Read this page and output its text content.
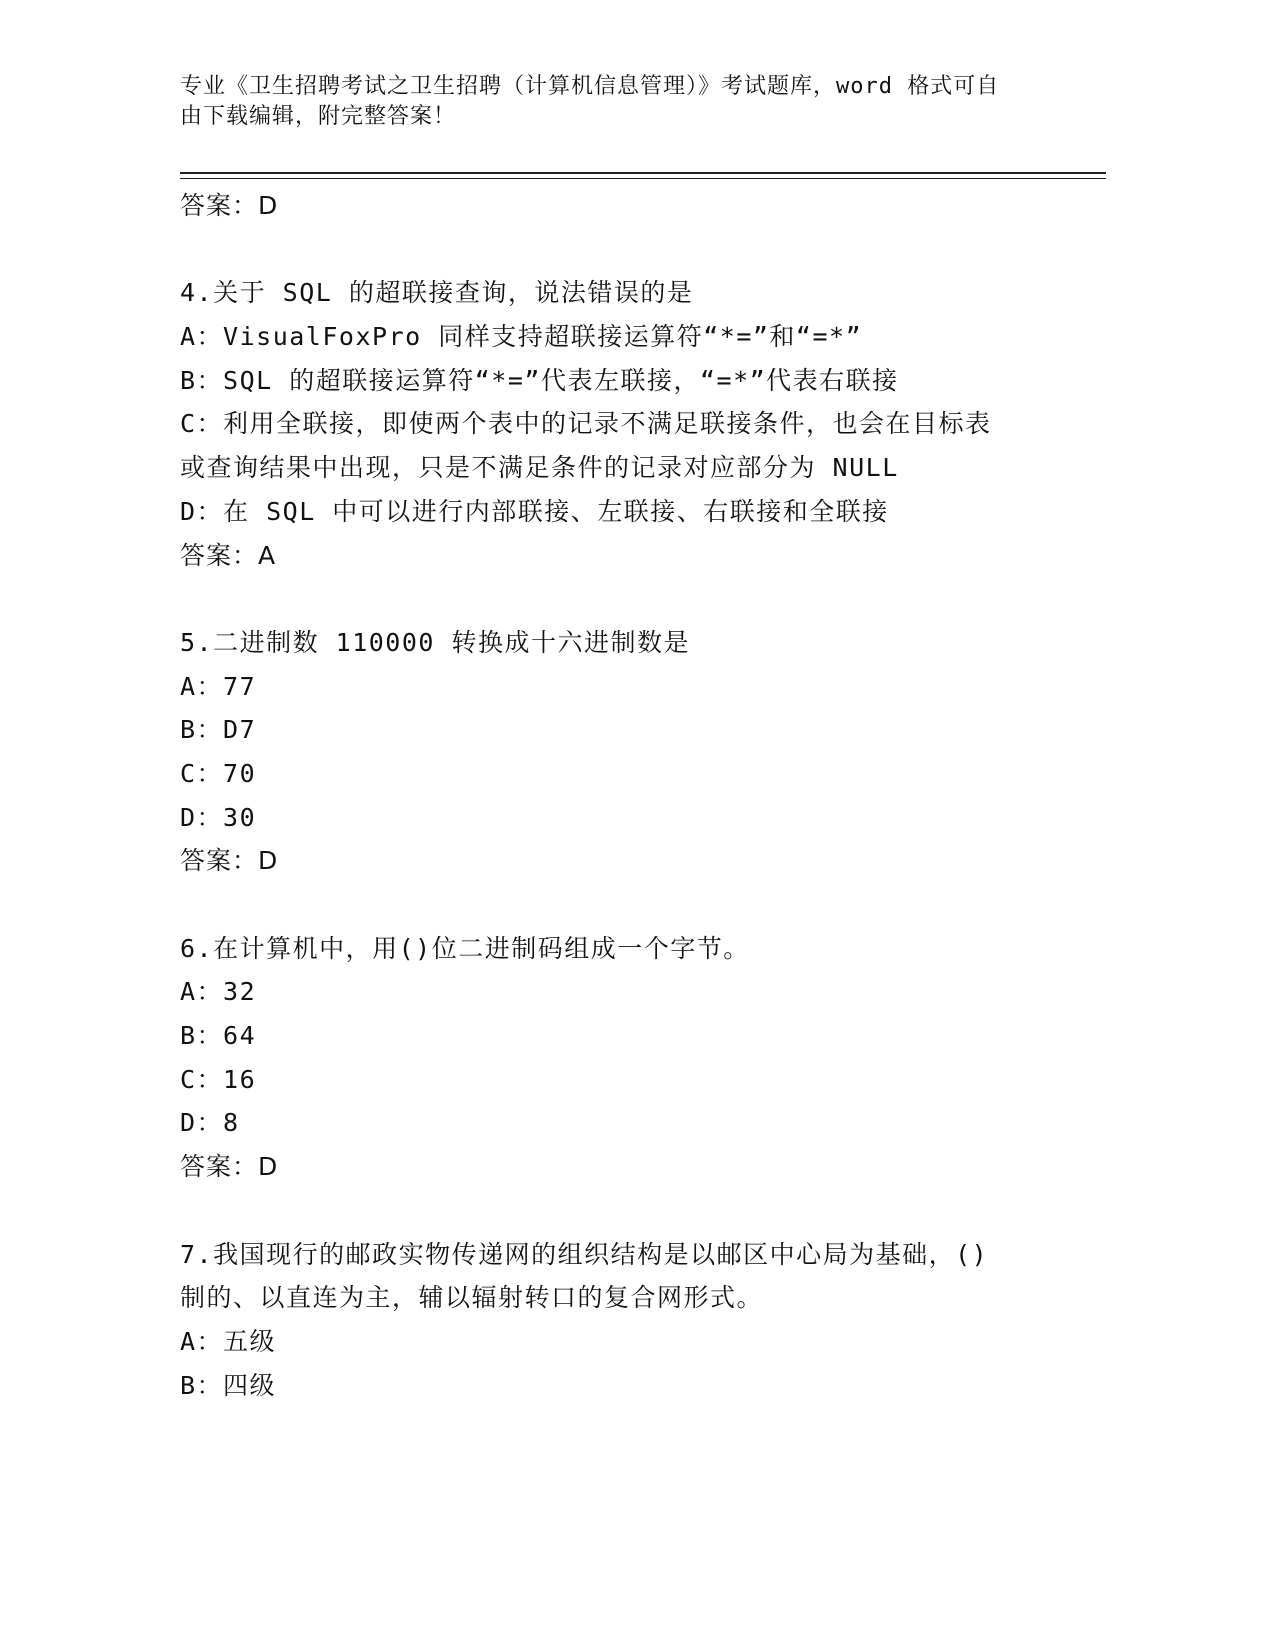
专业《卫生招聘考试之卫生招聘（计算机信息管理）》考试题库，word 格式可自
由下载编辑，附完整答案！
答案：D
4.关于 SQL 的超联接查询，说法错误的是
A：VisualFoxPro 同样支持超联接运算符“*=”和“=*”
B：SQL 的超联接运算符“*=”代表左联接，“=*”代表右联接
C：利用全联接，即使两个表中的记录不满足联接条件，也会在目标表
或查询结果中出现，只是不满足条件的记录对应部分为 NULL
D：在 SQL 中可以进行内部联接、左联接、右联接和全联接
答案：A
5.二进制数 110000 转换成十六进制数是
A：77
B：D7
C：70
D：30
答案：D
6.在计算机中，用()位二进制码组成一个字节。
A：32
B：64
C：16
D：8
答案：D
7.我国现行的邮政实物传递网的组织结构是以邮区中心局为基础，()
制的、以直连为主，辅以辐射转口的复合网形式。
A：五级
B：四级
